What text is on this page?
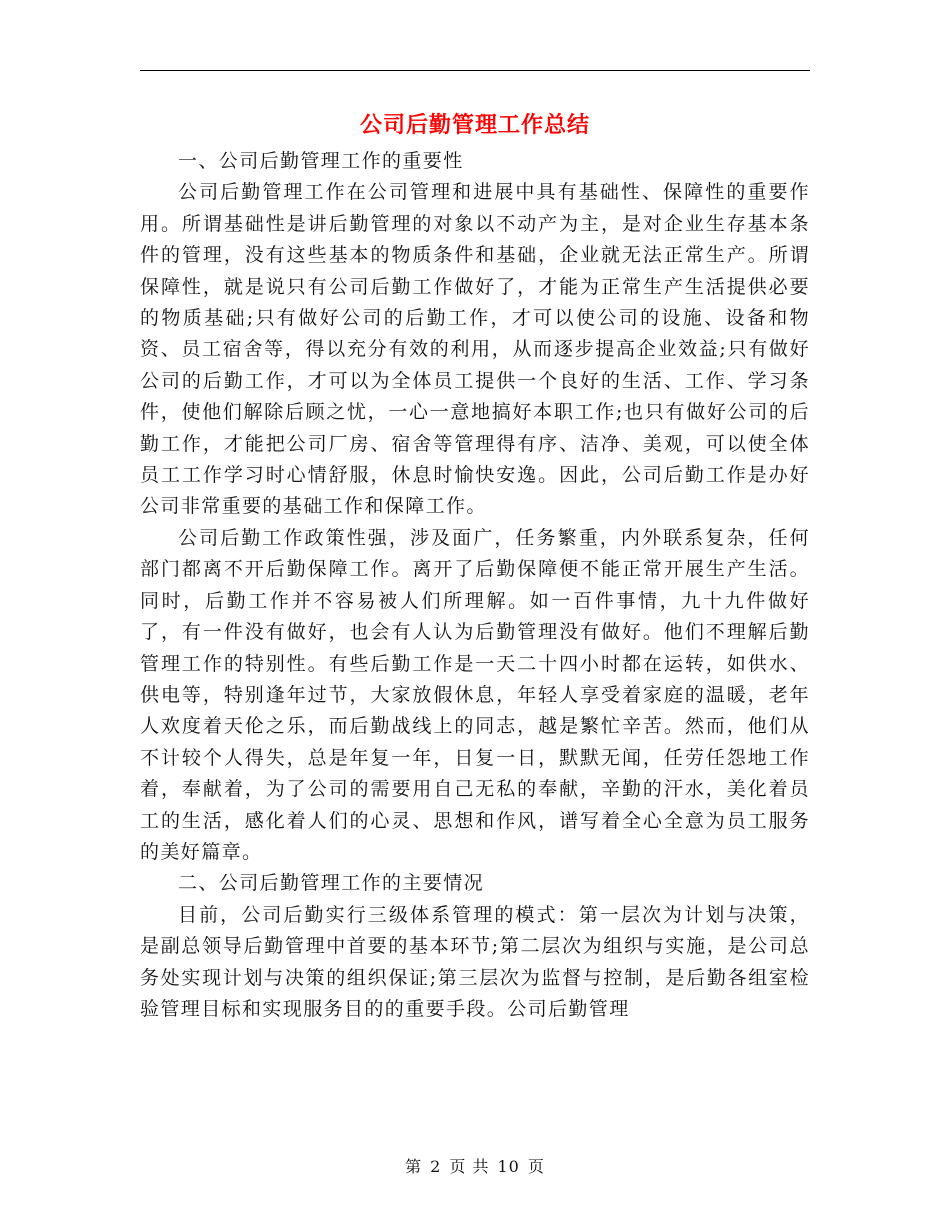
公司后勤管理工作总结

一、公司后勤管理工作的重要性

公司后勤管理工作在公司管理和进展中具有基础性、保障性的重要作用。所谓基础性是讲后勤管理的对象以不动产为主，是对企业生存基本条件的管理，没有这些基本的物质条件和基础，企业就无法正常生产。所谓保障性，就是说只有公司后勤工作做好了，才能为正常生产生活提供必要的物质基础;只有做好公司的后勤工作，才可以使公司的设施、设备和物资、员工宿舍等，得以充分有效的利用，从而逐步提高企业效益;只有做好公司的后勤工作，才可以为全体员工提供一个良好的生活、工作、学习条件，使他们解除后顾之忧，一心一意地搞好本职工作;也只有做好公司的后勤工作，才能把公司厂房、宿舍等管理得有序、洁净、美观，可以使全体员工工作学习时心情舒服，休息时愉快安逸。因此，公司后勤工作是办好公司非常重要的基础工作和保障工作。

公司后勤工作政策性强，涉及面广，任务繁重，内外联系复杂，任何部门都离不开后勤保障工作。离开了后勤保障便不能正常开展生产生活。同时，后勤工作并不容易被人们所理解。如一百件事情，九十九件做好了，有一件没有做好，也会有人认为后勤管理没有做好。他们不理解后勤管理工作的特别性。有些后勤工作是一天二十四小时都在运转，如供水、供电等，特别逢年过节，大家放假休息，年轻人享受着家庭的温暖，老年人欢度着天伦之乐，而后勤战线上的同志，越是繁忙辛苦。然而，他们从不计较个人得失，总是年复一年，日复一日，默默无闻，任劳任怨地工作着，奉献着，为了公司的需要用自己无私的奉献，辛勤的汗水，美化着员工的生活，感化着人们的心灵、思想和作风，谱写着全心全意为员工服务的美好篇章。

二、公司后勤管理工作的主要情况

目前，公司后勤实行三级体系管理的模式：第一层次为计划与决策，是副总领导后勤管理中首要的基本环节;第二层次为组织与实施，是公司总务处实现计划与决策的组织保证;第三层次为监督与控制，是后勤各组室检验管理目标和实现服务目的的重要手段。公司后勤管理

第 2 页 共 10 页
